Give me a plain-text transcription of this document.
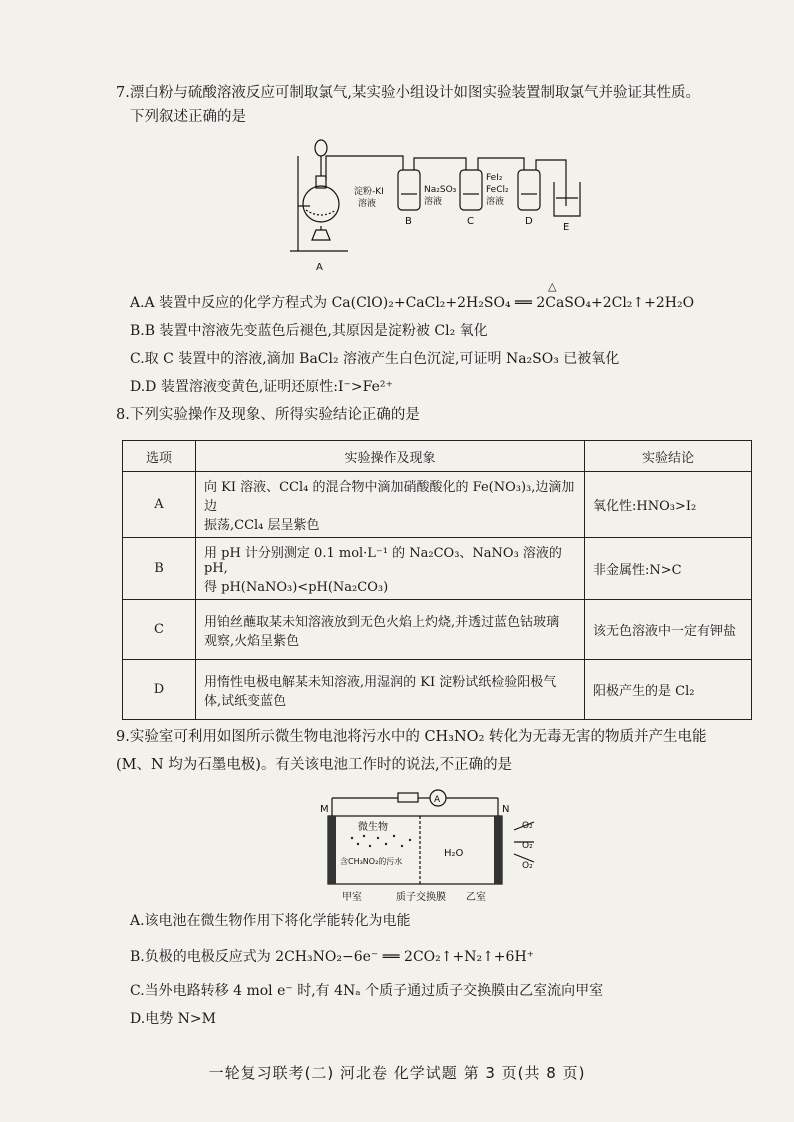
7.漂白粉与硫酸溶液反应可制取氯气,某实验小组设计如图实验装置制取氯气并验证其性质。
下列叙述正确的是
A
B	C	D
E
淀粉-KI
溶液
Na₂SO₃
溶液
FeI₂
FeCl₂
溶液
A.A 装置中反应的化学方程式为 Ca(ClO)₂+CaCl₂+2H₂SO₄ ══ 2CaSO₄+2Cl₂↑+2H₂O
△
B.B 装置中溶液先变蓝色后褪色,其原因是淀粉被 Cl₂ 氧化
C.取 C 装置中的溶液,滴加 BaCl₂ 溶液产生白色沉淀,可证明 Na₂SO₃ 已被氧化
D.D 装置溶液变黄色,证明还原性:I⁻>Fe²⁺
8.下列实验操作及现象、所得实验结论正确的是
选项	实验操作及现象	实验结论
A	向 KI 溶液、CCl₄ 的混合物中滴加硝酸酸化的 Fe(NO₃)₃,边滴加边
振荡,CCl₄ 层呈紫色	氧化性:HNO₃>I₂
B	用 pH 计分别测定 0.1 mol·L⁻¹ 的 Na₂CO₃、NaNO₃ 溶液的 pH,
得 pH(NaNO₃)<pH(Na₂CO₃)	非金属性:N>C
C	用铂丝蘸取某未知溶液放到无色火焰上灼烧,并透过蓝色钴玻璃
观察,火焰呈紫色	该无色溶液中一定有钾盐
D	用惰性电极电解某未知溶液,用湿润的 KI 淀粉试纸检验阳极气
体,试纸变蓝色	阳极产生的是 Cl₂
9.实验室可利用如图所示微生物电池将污水中的 CH₃NO₂ 转化为无毒无害的物质并产生电能
(M、N 均为石墨电极)。有关该电池工作时的说法,不正确的是
M	N
A
微生物
含CH₃NO₂的污水
H₂O
O₂
O₂
O₂
甲室	质子交换膜 乙室
A.该电池在微生物作用下将化学能转化为电能
B.负极的电极反应式为 2CH₃NO₂−6e⁻ ══ 2CO₂↑+N₂↑+6H⁺
C.当外电路转移 4 mol e⁻ 时,有 4Nₐ 个质子通过质子交换膜由乙室流向甲室
D.电势 N>M
一轮复习联考(二) 河北卷 化学试题 第 3 页(共 8 页)
